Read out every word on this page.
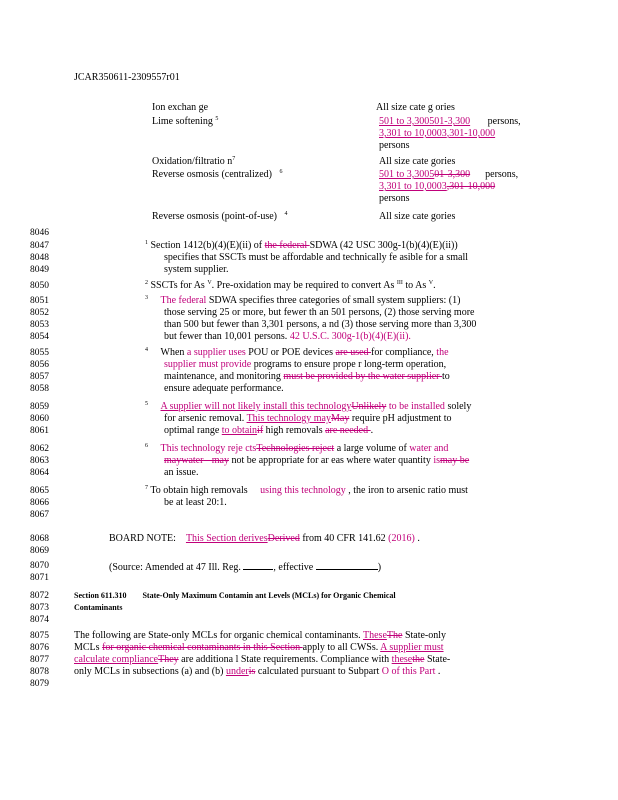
JCAR350611-2309557r01
Ion exchan ge	All size cate g ories
Lime softening $^5$	501 to 3,300501-3,300 persons,
3,301 to 10,0003,301-10,000
persons
Oxidation/filtratio $n^7$	All size cate gories
Reverse osmosis (centralized) $^6$	501 to 3,300501-3,300 persons,
3,301 to 10,0003,301-10,000
persons
Reverse osmosis (point-of-use) $^4$	All size cate gories
8046
8047
8048
8049
8050
8051
8052
8053
8054
8055
8056
8057
8058
8059
8060
8061
8062
8063
8064
8065
8066
8067
8068
8069
8070
8071
8072
8073
8074
8075
8076
8077
8078
8079
$^1$ Section 1412(b)(4)(E)(ii) of the federal SDWA (42 USC 300g-1(b)(4)(E)(ii))
specifies that SSCTs must be affordable and technically fe asible for a small
system supplier.
$^2$ SSCTs for As $^V$. Pre-oxidation may be required to convert As $^{III}$ to As $^V$.
$^3$ The federal SDWA specifies three categories of small system suppliers: (1)
those serving 25 or more, but fewer th an 501 persons, (2) those serving more
than 500 but fewer than 3,301 persons, a nd (3) those serving more than 3,300
but fewer than 10,001 persons. 42 U.S.C. 300g-1(b)(4)(E)(ii).
$^4$ When a supplier uses POU or POE devices are used for compliance, the
supplier must provide programs to ensure prope r long-term operation,
maintenance, and monitoring must be provided by the water supplier to
ensure adequate performance.
$^5$ A supplier will not likely install this technologyUnlikely to be installed solely
for arsenic removal. This technology mayMay require pH adjustment to
optimal range to obtainif high removals are needed .
$^6$ This technology reje ctsTechnologies reject a large volume of water and
maywater - may not be appropriate for ar eas where water quantity ismay be
an issue.
$^7$ To obtain high removals     using this technology , the iron to arsenic ratio must
be at least 20:1.
BOARD NOTE:    This Section derivesDerived from 40 CFR 141.62 (2016) .
(Source: Amended at 47 Ill. Reg.	, effective	)
Section 611.310 State-Only Maximum Contamin ant Levels (MCLs) for Organic Chemical
Contaminants
The following are State-only MCLs for organic chemical contaminants. TheseThe State-only
MCLs for organic chemical contaminants in this Section apply to all CWSs. A supplier must
calculate complianceThey are additiona l State requirements. Compliance with thesethe State-
only MCLs in subsections (a) and (b) underis calculated pursuant to Subpart O of this Part .
